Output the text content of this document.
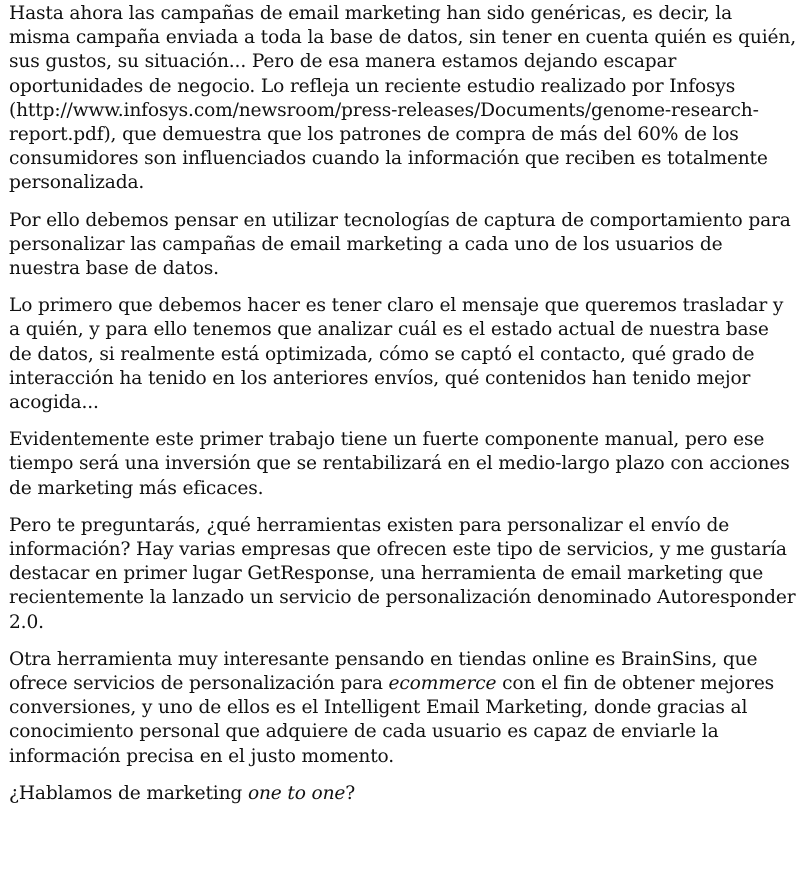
Hasta ahora las campañas de email marketing han sido genéricas, es decir, la misma campaña enviada a toda la base de datos, sin tener en cuenta quién es quién, sus gustos, su situación... Pero de esa manera estamos dejando escapar oportunidades de negocio. Lo refleja un reciente estudio realizado por Infosys (http://www.infosys.com/newsroom/press-releases/Documents/genome-research-report.pdf), que demuestra que los patrones de compra de más del 60% de los consumidores son influenciados cuando la información que reciben es totalmente personalizada.

Por ello debemos pensar en utilizar tecnologías de captura de comportamiento para personalizar las campañas de email marketing a cada uno de los usuarios de nuestra base de datos.

Lo primero que debemos hacer es tener claro el mensaje que queremos trasladar y a quién, y para ello tenemos que analizar cuál es el estado actual de nuestra base de datos, si realmente está optimizada, cómo se captó el contacto, qué grado de interacción ha tenido en los anteriores envíos, qué contenidos han tenido mejor acogida...

Evidentemente este primer trabajo tiene un fuerte componente manual, pero ese tiempo será una inversión que se rentabilizará en el medio-largo plazo con acciones de marketing más eficaces.

Pero te preguntarás, ¿qué herramientas existen para personalizar el envío de información? Hay varias empresas que ofrecen este tipo de servicios, y me gustaría destacar en primer lugar GetResponse, una herramienta de email marketing que recientemente la lanzado un servicio de personalización denominado Autoresponder 2.0.

Otra herramienta muy interesante pensando en tiendas online es BrainSins, que ofrece servicios de personalización para ecommerce con el fin de obtener mejores conversiones, y uno de ellos es el Intelligent Email Marketing, donde gracias al conocimiento personal que adquiere de cada usuario es capaz de enviarle la información precisa en el justo momento.

¿Hablamos de marketing one to one?
